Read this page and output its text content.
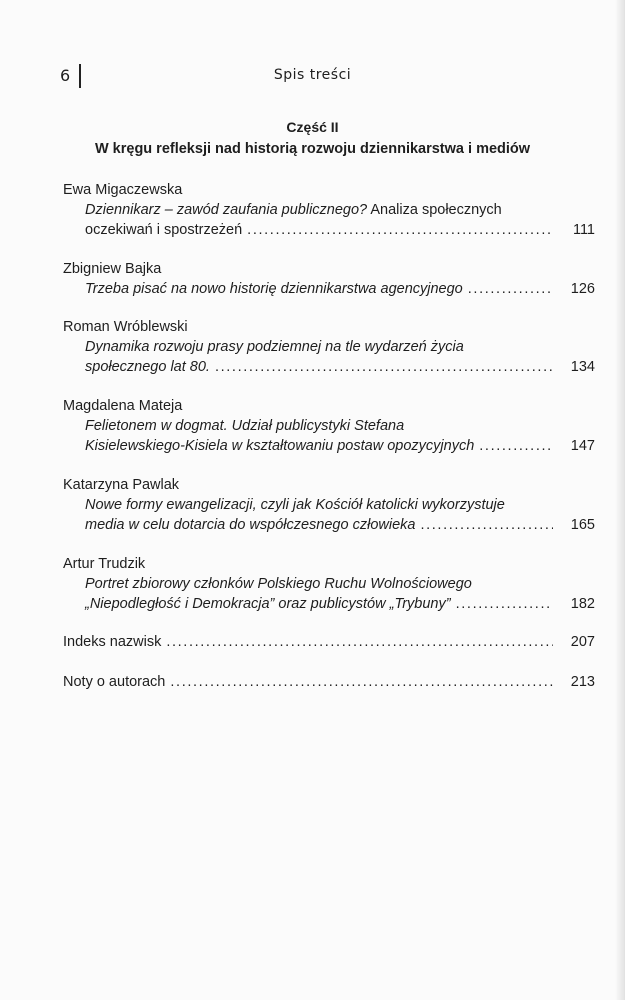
6	Spis treści
Część II
W kręgu refleksji nad historią rozwoju dziennikarstwa i mediów
Ewa Migaczewska
Dziennikarz – zawód zaufania publicznego? Analiza społecznych
oczekiwań i spostrzeżeń . . .	111
Zbigniew Bajka
Trzeba pisać na nowo historię dziennikarstwa agencyjnego . . .	126
Roman Wróblewski
Dynamika rozwoju prasy podziemnej na tle wydarzeń życia
społecznego lat 80. . . .	134
Magdalena Mateja
Felietonem w dogmat. Udział publicystyki Stefana
Kisielewskiego-Kisiela w kształtowaniu postaw opozycyjnych . . .	147
Katarzyna Pawlak
Nowe formy ewangelizacji, czyli jak Kościół katolicki wykorzystuje
media w celu dotarcia do współczesnego człowieka . . .	165
Artur Trudzik
Portret zbiorowy członków Polskiego Ruchu Wolnościowego
„Niepodległość i Demokracja” oraz publicystów „Trybuny” . . .	182
Indeks nazwisk . . .	207
Noty o autorach . . .	213
